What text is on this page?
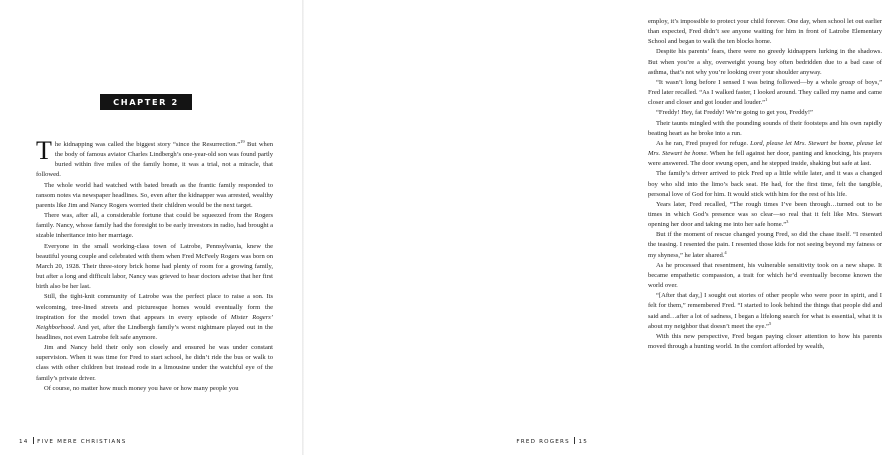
CHAPTER 2

The kidnapping was called the biggest story “since the Resurrection.”$^{19}$ But when the body of famous aviator Charles Lindbergh’s one-year-old son was found partly buried within five miles of the family home, it was a trial, not a miracle, that followed.

The whole world had watched with bated breath as the frantic family responded to ransom notes via newspaper headlines. So, even after the kidnapper was arrested, wealthy parents like Jim and Nancy Rogers worried their children would be the next target.

There was, after all, a considerable fortune that could be squeezed from the Rogers family. Nancy, whose family had the foresight to be early investors in radio, had brought a sizable inheritance into her marriage.

Everyone in the small working-class town of Latrobe, Pennsylvania, knew the beautiful young couple and celebrated with them when Fred McFeely Rogers was born on March 20, 1928. Their three-story brick home had plenty of room for a growing family, but after a long and difficult labor, Nancy was grieved to hear doctors advise that her first birth also be her last.

Still, the tight-knit community of Latrobe was the perfect place to raise a son. Its welcoming, tree-lined streets and picturesque homes would eventually form the inspiration for the model town that appears in every episode of Mister Rogers’ Neighborhood. And yet, after the Lindbergh family’s worst nightmare played out in the headlines, not even Latrobe felt safe anymore.

Jim and Nancy held their only son closely and ensured he was under constant supervision. When it was time for Fred to start school, he didn’t ride the bus or walk to class with other children but instead rode in a limousine under the watchful eye of the family’s private driver.

Of course, no matter how much money you have or how many people you

14 FIVE MERE CHRISTIANS

employ, it’s impossible to protect your child forever. One day, when school let out earlier than expected, Fred didn’t see anyone waiting for him in front of Latrobe Elementary School and began to walk the ten blocks home.

Despite his parents’ fears, there were no greedy kidnappers lurking in the shadows. But when you’re a shy, overweight young boy often bedridden due to a bad case of asthma, that’s not why you’re looking over your shoulder anyway.

“It wasn’t long before I sensed I was being followed—by a whole group of boys,” Fred later recalled. “As I walked faster, I looked around. They called my name and came closer and closer and got louder and louder.”$^1$

“Freddy! Hey, fat Freddy! We’re going to get you, Freddy!”

Their taunts mingled with the pounding sounds of their footsteps and his own rapidly beating heart as he broke into a run.

As he ran, Fred prayed for refuge. Lord, please let Mrs. Stewart be home, please let Mrs. Stewart be home. When he fell against her door, panting and knocking, his prayers were answered. The door swung open, and he stepped inside, shaking but safe at last.

The family’s driver arrived to pick Fred up a little while later, and it was a changed boy who slid into the limo’s back seat. He had, for the first time, felt the tangible, personal love of God for him. It would stick with him for the rest of his life.

Years later, Fred recalled, “The rough times I’ve been through…turned out to be times in which God’s presence was so clear—so real that it felt like Mrs. Stewart opening her door and taking me into her safe home.”$^3$

But if the moment of rescue changed young Fred, so did the chase itself. “I resented the teasing. I resented the pain. I resented those kids for not seeing beyond my fatness or my shyness,” he later shared.$^4$

As he processed that resentment, his vulnerable sensitivity took on a new shape. It became empathetic compassion, a trait for which he’d eventually become known the world over.

“[After that day,] I sought out stories of other people who were poor in spirit, and I felt for them,” remembered Fred. “I started to look behind the things that people did and said and…after a lot of sadness, I began a lifelong search for what is essential, what it is about my neighbor that doesn’t meet the eye.”$^5$

With this new perspective, Fred began paying closer attention to how his parents moved through a hunting world. In the comfort afforded by wealth,

FRED ROGERS 15
